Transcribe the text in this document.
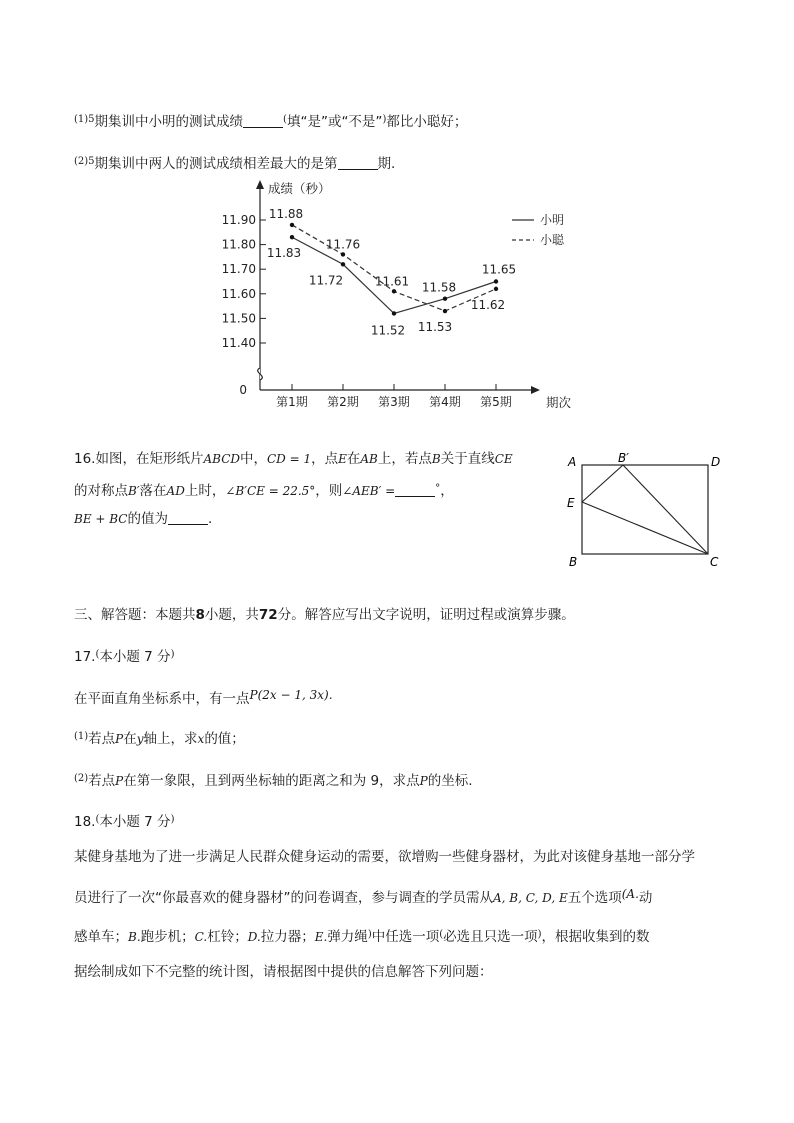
$^{(1)5}$期集训中小明的测试成绩	(填“是”或“不是”)都比小聪好；
$^{(2)5}$期集训中两人的测试成绩相差最大的是第	期.
成绩（秒）
期次
11.90
11.80
11.70
11.60
11.50
11.40
0
第1期 第2期 第3期 第4期 第5期
11.83
11.72
11.52
11.58
11.65
11.88
11.76
11.61
11.53
11.62
小明
小聪
16.如图，在矩形纸片ABCD中，CD = 1，点E在AB上，若点B关于直线CE
的对称点B′落在AD上时，∠B′CE = 22.5°，则∠AEB′ =	°，
BE + BC的值为	.
A	B′	D
E
B	C
三、解答题：本题共8小题，共72分。解答应写出文字说明，证明过程或演算步骤。
17.(本小题 7 分)
在平面直角坐标系中，有一点P(2x − 1, 3x).
$^{(1)}$若点P在y轴上，求x的值；
$^{(2)}$若点P在第一象限，且到两坐标轴的距离之和为 9，求点P的坐标.
18.(本小题 7 分)
某健身基地为了进一步满足人民群众健身运动的需要，欲增购一些健身器材，为此对该健身基地一部分学
员进行了一次“你最喜欢的健身器材”的问卷调查，参与调查的学员需从A, B, C, D, E五个选项(A.动
感单车；B.跑步机；C.杠铃；D.拉力器；E.弹力绳)中任选一项(必选且只选一项)，根据收集到的数
据绘制成如下不完整的统计图，请根据图中提供的信息解答下列问题：
